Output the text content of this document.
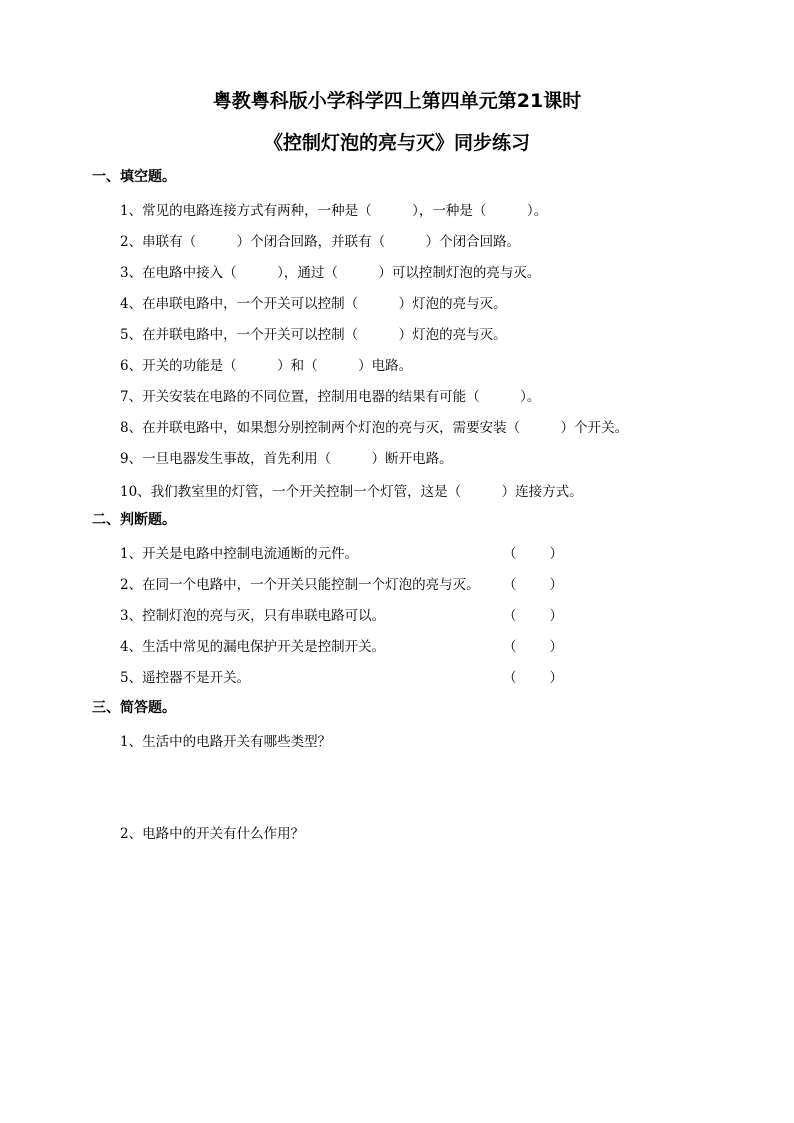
粤教粤科版小学科学四上第四单元第21课时
《控制灯泡的亮与灭》同步练习
一、填空题。
1、常见的电路连接方式有两种，一种是（　　　），一种是（　　　）。
2、串联有（　　　）个闭合回路，并联有（　　　）个闭合回路。
3、在电路中接入（　　　），通过（　　　）可以控制灯泡的亮与灭。
4、在串联电路中，一个开关可以控制（　　　）灯泡的亮与灭。
5、在并联电路中，一个开关可以控制（　　　）灯泡的亮与灭。
6、开关的功能是（　　　）和（　　　）电路。
7、开关安装在电路的不同位置，控制用电器的结果有可能（　　　）。
8、在并联电路中，如果想分别控制两个灯泡的亮与灭，需要安装（　　　）个开关。
9、一旦电器发生事故，首先利用（　　　）断开电路。
10、我们教室里的灯管，一个开关控制一个灯管，这是（　　　）连接方式。
二、判断题。
1、开关是电路中控制电流通断的元件。	（ ）
2、在同一个电路中，一个开关只能控制一个灯泡的亮与灭。 （ ）
3、控制灯泡的亮与灭，只有串联电路可以。	（ ）
4、生活中常见的漏电保护开关是控制开关。	（ ）
5、遥控器不是开关。	（ ）
三、简答题。
1、生活中的电路开关有哪些类型？
2、电路中的开关有什么作用？
